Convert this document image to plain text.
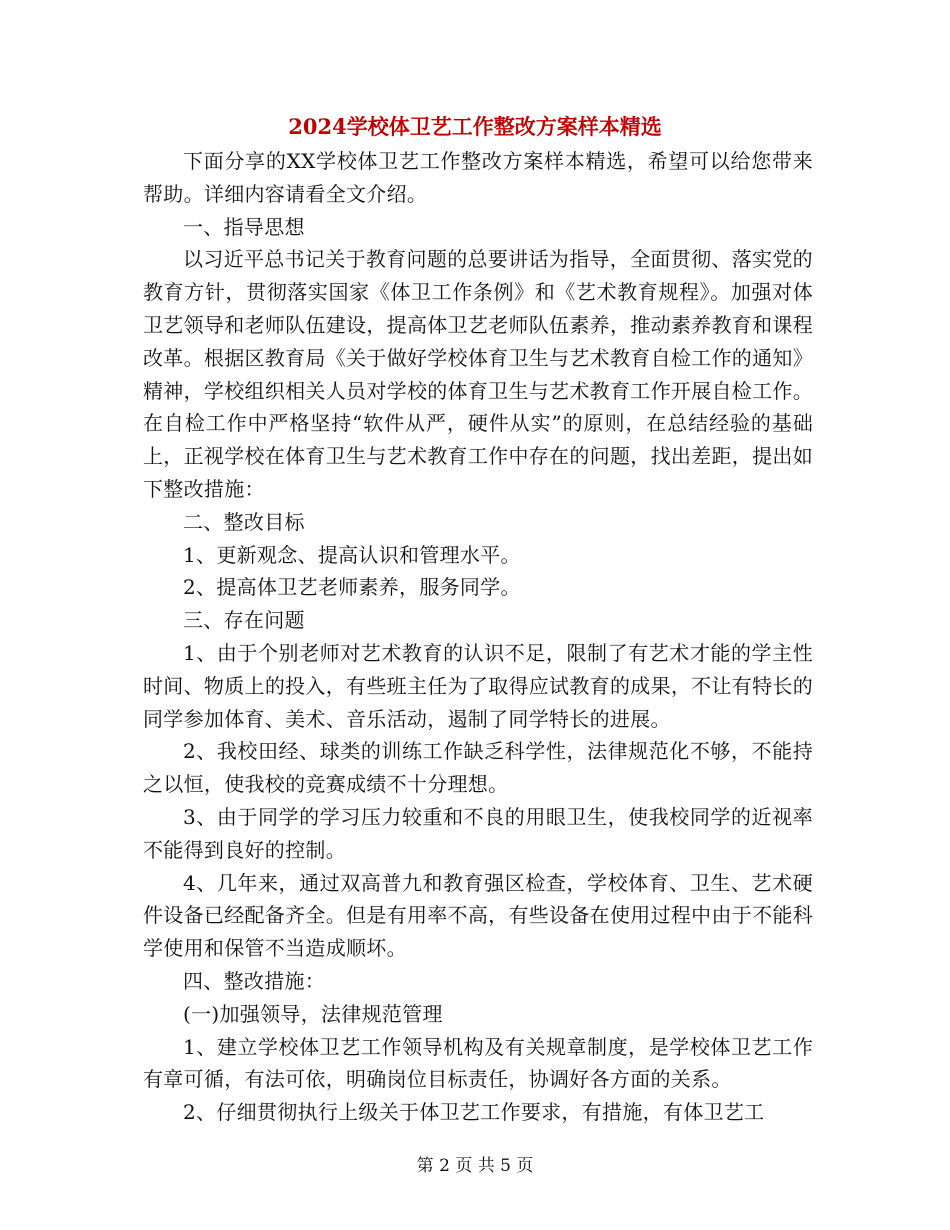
2024学校体卫艺工作整改方案样本精选

下面分享的XX学校体卫艺工作整改方案样本精选，希望可以给您带来帮助。详细内容请看全文介绍。

一、指导思想

以习近平总书记关于教育问题的总要讲话为指导，全面贯彻、落实党的教育方针，贯彻落实国家《体卫工作条例》和《艺术教育规程》。加强对体卫艺领导和老师队伍建设，提高体卫艺老师队伍素养，推动素养教育和课程改革。根据区教育局《关于做好学校体育卫生与艺术教育自检工作的通知》精神，学校组织相关人员对学校的体育卫生与艺术教育工作开展自检工作。在自检工作中严格坚持“软件从严，硬件从实”的原则，在总结经验的基础上，正视学校在体育卫生与艺术教育工作中存在的问题，找出差距，提出如下整改措施：

二、整改目标

1、更新观念、提高认识和管理水平。

2、提高体卫艺老师素养，服务同学。

三、存在问题

1、由于个别老师对艺术教育的认识不足，限制了有艺术才能的学主性时间、物质上的投入，有些班主任为了取得应试教育的成果，不让有特长的同学参加体育、美术、音乐活动，遏制了同学特长的进展。

2、我校田经、球类的训练工作缺乏科学性，法律规范化不够，不能持之以恒，使我校的竞赛成绩不十分理想。

3、由于同学的学习压力较重和不良的用眼卫生，使我校同学的近视率不能得到良好的控制。

4、几年来，通过双高普九和教育强区检查，学校体育、卫生、艺术硬件设备已经配备齐全。但是有用率不高，有些设备在使用过程中由于不能科学使用和保管不当造成顺坏。

四、整改措施：

(一)加强领导，法律规范管理

1、建立学校体卫艺工作领导机构及有关规章制度，是学校体卫艺工作有章可循，有法可依，明确岗位目标责任，协调好各方面的关系。

2、仔细贯彻执行上级关于体卫艺工作要求，有措施，有体卫艺工

第 2 页 共 5 页
